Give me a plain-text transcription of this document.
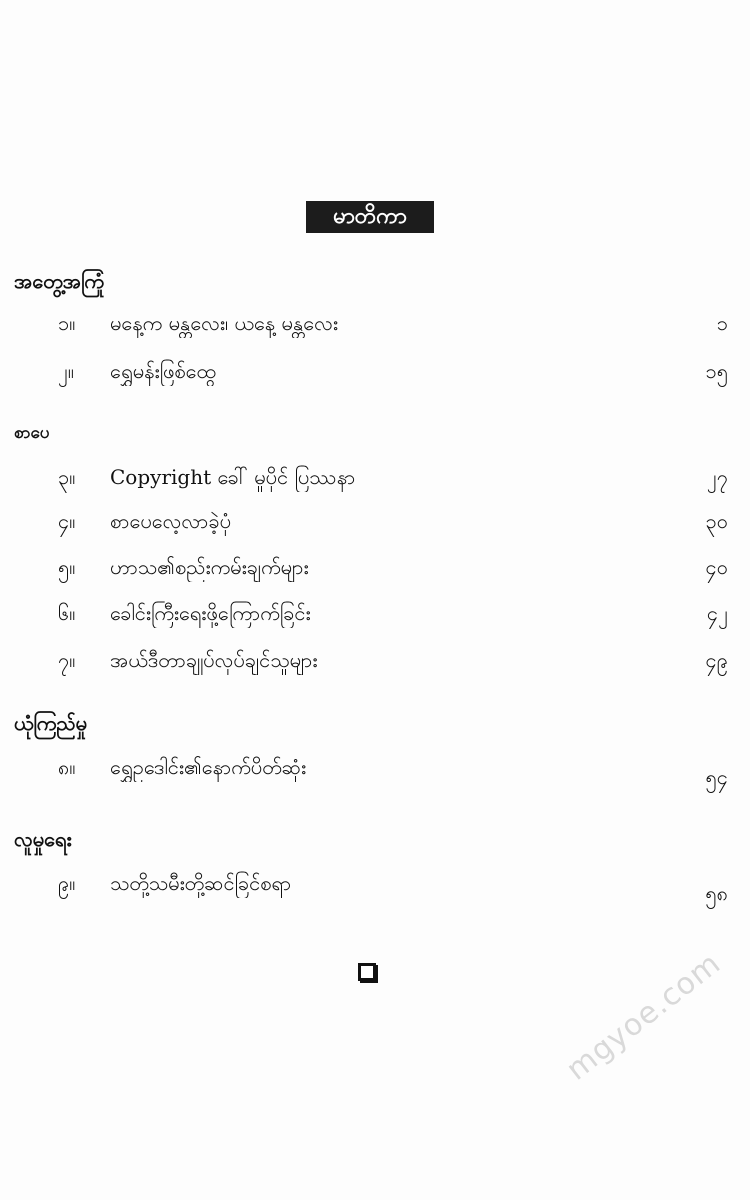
မာတိကာ
အတွေ့အကြုံ
၁။	မနေ့က မန္တလေး၊ ယနေ့ မန္တလေး	၁
၂။	ရွှေမန်းဖြစ်ထွေ	၁၅
စာပေ
၃။	Copyright ခေါ် မူပိုင် ပြဿနာ	၂၇
၄။	စာပေလေ့လာခဲ့ပုံ	၃၀
၅။	ဟာသ၏စည်းကမ်းချက်များ	၄၀
၆။	ခေါင်းကြီးရေးဖို့ကြောက်ခြင်း	၄၂
၇။	အယ်ဒီတာချုပ်လုပ်ချင်သူများ	၄၉
ယုံကြည်မှု
၈။	ရွှေဥဒေါင်း၏နောက်ပိတ်ဆုံး	၅၄
လူမှုရေး
၉။	သတို့သမီးတို့ဆင်ခြင်စရာ	၅၈
mgyoe.com
